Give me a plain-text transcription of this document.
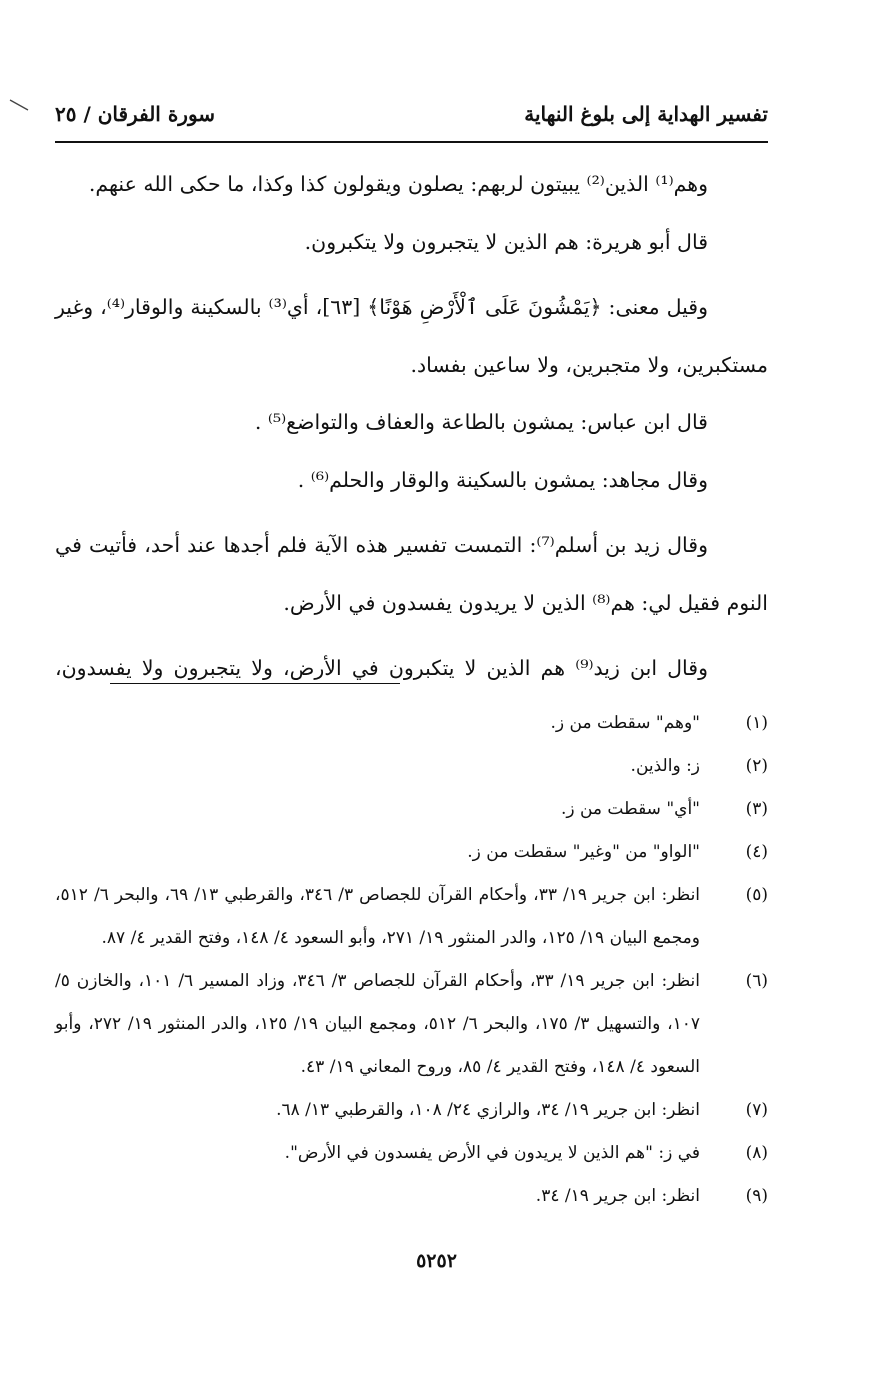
تفسير الهداية إلى بلوغ النهاية
سورة الفرقان / ٢٥

وهم⁽¹⁾ الذين⁽²⁾ يبيتون لربهم: يصلون ويقولون كذا وكذا، ما حكى الله عنهم.

قال أبو هريرة: هم الذين لا يتجبرون ولا يتكبرون.

وقيل معنى: ﴿يَمْشُونَ عَلَى ٱلْأَرْضِ هَوْنًا﴾ [٦٣]، أي⁽³⁾ بالسكينة والوقار⁽⁴⁾، وغير مستكبرين، ولا متجبرين، ولا ساعين بفساد.

قال ابن عباس: يمشون بالطاعة والعفاف والتواضع⁽⁵⁾ .

وقال مجاهد: يمشون بالسكينة والوقار والحلم⁽⁶⁾ .

وقال زيد بن أسلم⁽⁷⁾: التمست تفسير هذه الآية فلم أجدها عند أحد، فأتيت في النوم فقيل لي: هم⁽⁸⁾ الذين لا يريدون يفسدون في الأرض.

وقال ابن زيد⁽⁹⁾ هم الذين لا يتكبرون في الأرض، ولا يتجبرون ولا يفسدون،

(١)
"وهم" سقطت من ز.
(٢)
ز: والذين.
(٣)
"أي" سقطت من ز.
(٤)
"الواو" من "وغير" سقطت من ز.
(٥)
انظر: ابن جرير ١٩/ ٣٣، وأحكام القرآن للجصاص ٣/ ٣٤٦، والقرطبي ١٣/ ٦٩، والبحر ٦/ ٥١٢، ومجمع البيان ١٩/ ١٢٥، والدر المنثور ١٩/ ٢٧١، وأبو السعود ٤/ ١٤٨، وفتح القدير ٤/ ٨٧.
(٦)
انظر: ابن جرير ١٩/ ٣٣، وأحكام القرآن للجصاص ٣/ ٣٤٦، وزاد المسير ٦/ ١٠١، والخازن ٥/ ١٠٧، والتسهيل ٣/ ١٧٥، والبحر ٦/ ٥١٢، ومجمع البيان ١٩/ ١٢٥، والدر المنثور ١٩/ ٢٧٢، وأبو السعود ٤/ ١٤٨، وفتح القدير ٤/ ٨٥، وروح المعاني ١٩/ ٤٣.
(٧)
انظر: ابن جرير ١٩/ ٣٤، والرازي ٢٤/ ١٠٨، والقرطبي ١٣/ ٦٨.
(٨)
في ز: "هم الذين لا يريدون في الأرض يفسدون في الأرض".
(٩)
انظر: ابن جرير ١٩/ ٣٤.
٥٢٥٢
